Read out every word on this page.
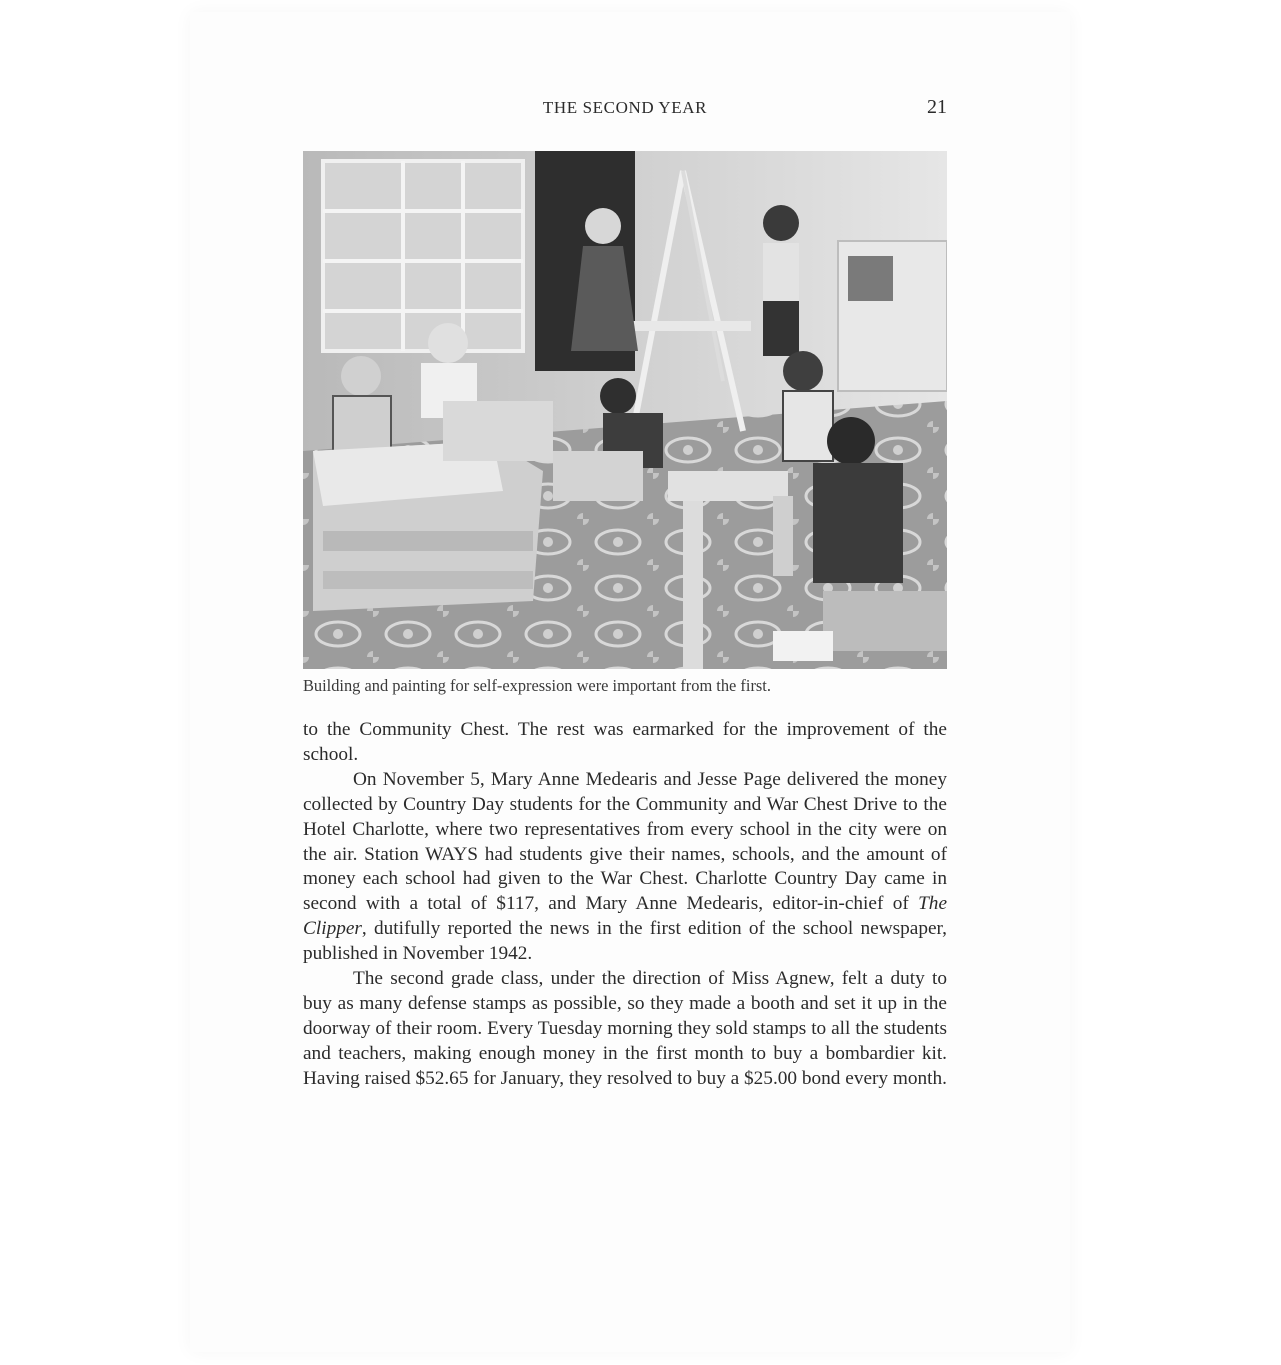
THE SECOND YEAR	21
Building and painting for self-expression were important from the first.

to the Community Chest. The rest was earmarked for the improvement of the school.

On November 5, Mary Anne Medearis and Jesse Page delivered the money collected by Country Day students for the Community and War Chest Drive to the Hotel Charlotte, where two representatives from every school in the city were on the air. Station WAYS had students give their names, schools, and the amount of money each school had given to the War Chest. Charlotte Country Day came in second with a total of $117, and Mary Anne Medearis, editor-in-chief of The Clipper, dutifully reported the news in the first edition of the school newspaper, published in November 1942.

The second grade class, under the direction of Miss Agnew, felt a duty to buy as many defense stamps as possible, so they made a booth and set it up in the doorway of their room. Every Tuesday morning they sold stamps to all the students and teachers, making enough money in the first month to buy a bombardier kit. Having raised $52.65 for January, they resolved to buy a $25.00 bond every month.
